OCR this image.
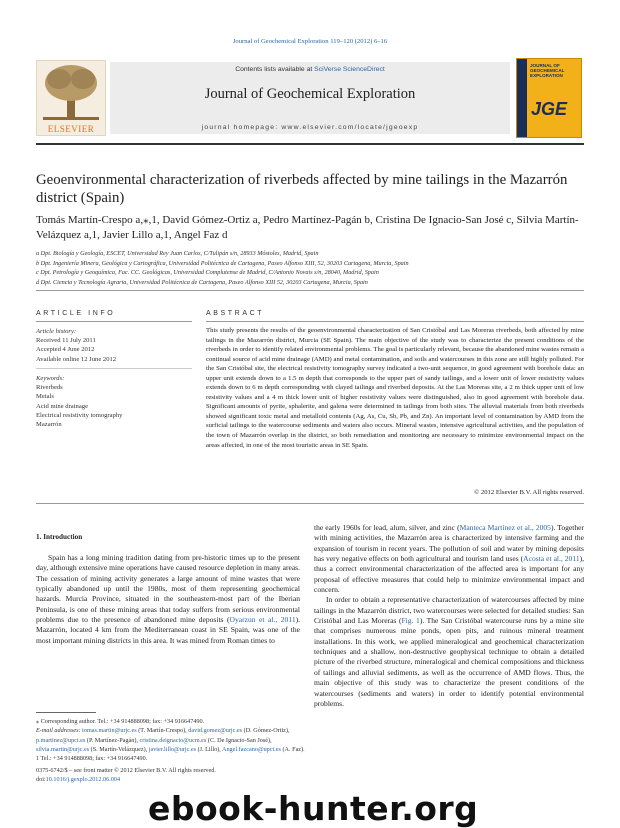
Journal of Geochemical Exploration 119–120 (2012) 6–16
ELSEVIER
Contents lists available at SciVerse ScienceDirect
Journal of Geochemical Exploration
journal homepage: www.elsevier.com/locate/jgeoexp
JOURNAL OF GEOCHEMICAL EXPLORATION
JGE
Geoenvironmental characterization of riverbeds affected by mine tailings in the Mazarrón district (Spain)
Tomás Martín-Crespo a,⁎,1, David Gómez-Ortiz a, Pedro Martínez-Pagán b, Cristina De Ignacio-San José c, Silvia Martín-Velázquez a,1, Javier Lillo a,1, Angel Faz d
a Dpt. Biología y Geología, ESCET, Universidad Rey Juan Carlos, C/Tulipán s/n, 28933 Móstoles, Madrid, Spain
b Dpt. Ingeniería Minera, Geológica y Cartográfica, Universidad Politécnica de Cartagena, Paseo Alfonso XIII, 52, 30203 Cartagena, Murcia, Spain
c Dpt. Petrología y Geoquímica, Fac. CC. Geológicas, Universidad Complutense de Madrid, C/Antonio Novais s/n, 28040, Madrid, Spain
d Dpt. Ciencia y Tecnología Agraria, Universidad Politécnica de Cartagena, Paseo Alfonso XIII 52, 30203 Cartagena, Murcia, Spain
ARTICLE INFO
Article history:
Received 11 July 2011
Accepted 4 June 2012
Available online 12 June 2012
Keywords:
Riverbeds
Metals
Acid mine drainage
Electrical resistivity tomography
Mazarrón
ABSTRACT
This study presents the results of the geoenvironmental characterization of San Cristóbal and Las Moreras riverbeds, both affected by mine tailings in the Mazarrón district, Murcia (SE Spain). The main objective of the study was to characterize the present conditions of the riverbeds in order to identify related environmental problems. The goal is particularly relevant, because the abandoned mine wastes remain a continual source of acid mine drainage (AMD) and metal contamination, and soils and watercourses in this zone are still highly polluted. For the San Cristóbal site, the electrical resistivity tomography survey indicated a two-unit sequence, in good agreement with borehole data: an upper unit extends down to a 1.5 m depth that corresponds to the upper part of sandy tailings, and a lower unit of lower resistivity values extends down to 6 m depth corresponding with clayed tailings and riverbed deposits. At the Las Moreras site, a 2 m thick upper unit of low resistivity values and a 4 m thick lower unit of higher resistivity values were distinguished, also in good agreement with borehole data. Significant amounts of pyrite, sphalerite, and galena were determined in tailings from both sites. The alluvial materials from both riverbeds showed significant toxic metal and metalloid contents (Ag, As, Cu, Sb, Pb, and Zn). An important level of contamination by AMD from the surficial tailings to the watercourse sediments and waters also occurs. Mineral wastes, intensive agricultural activities, and the population of the town of Mazarrón overlap in the district, so both remediation and monitoring are necessary to minimize environmental impact on the areas affected, in one of the most touristic areas in SE Spain.
© 2012 Elsevier B.V. All rights reserved.
1. Introduction

Spain has a long mining tradition dating from pre-historic times up to the present day, although extensive mine operations have caused resource depletion in many areas. The cessation of mining activity generates a large amount of mine wastes that were typically abandoned up until the 1980s, most of them representing geochemical hazards. Murcia Province, situated in the southeastern-most part of the Iberian Peninsula, is one of these mining areas that today suffers from serious environmental problems due to the presence of abandoned mine deposits (Oyarzun et al., 2011). Mazarrón, located 4 km from the Mediterranean coast in SE Spain, was one of the most important mining districts in this area. It was mined from Roman times to

the early 1960s for lead, alum, silver, and zinc (Manteca Martínez et al., 2005). Together with mining activities, the Mazarrón area is characterized by intensive farming and the expansion of tourism in recent years. The pollution of soil and water by mining deposits has very negative effects on both agricultural and tourism land uses (Acosta et al., 2011), thus a correct environmental characterization of the affected area is important for any proposal of effective measures that could help to minimize environmental impact and concern.

In order to obtain a representative characterization of watercourses affected by mine tailings in the Mazarrón district, two watercourses were selected for detailed studies: San Cristóbal and Las Moreras (Fig. 1). The San Cristóbal watercourse runs by a mine site that comprises numerous mine ponds, open pits, and ruinous mineral treatment installations. In this work, we applied mineralogical and geochemical characterization techniques and a shallow, non-destructive geophysical technique to obtain a detailed picture of the riverbed structure, mineralogical and chemical compositions and thickness of tailings and alluvial sediments, as well as the occurrence of AMD flows. Thus, the main objective of this study was to characterize the present conditions of the watercourses (sediments and waters) in order to identify potential environmental problems.

⁎ Corresponding author. Tel.: +34 914888098; fax: +34 916647490.
E-mail addresses: tomas.martin@urjc.es (T. Martín-Crespo), david.gomez@urjc.es (D. Gómez-Ortiz), p.martinez@upct.es (P. Martínez-Pagán), cristina.deignacio@ucm.es (C. De Ignacio-San José), silvia.martin@urjc.es (S. Martín-Velázquez), javier.lillo@urjc.es (J. Lillo), Angel.fazcano@upct.es (A. Faz).
1 Tel.: +34 914888098; fax: +34 916647490.
0375-6742/$ – see front matter © 2012 Elsevier B.V. All rights reserved.
doi:10.1016/j.gexplo.2012.06.004
ebook-hunter.org
